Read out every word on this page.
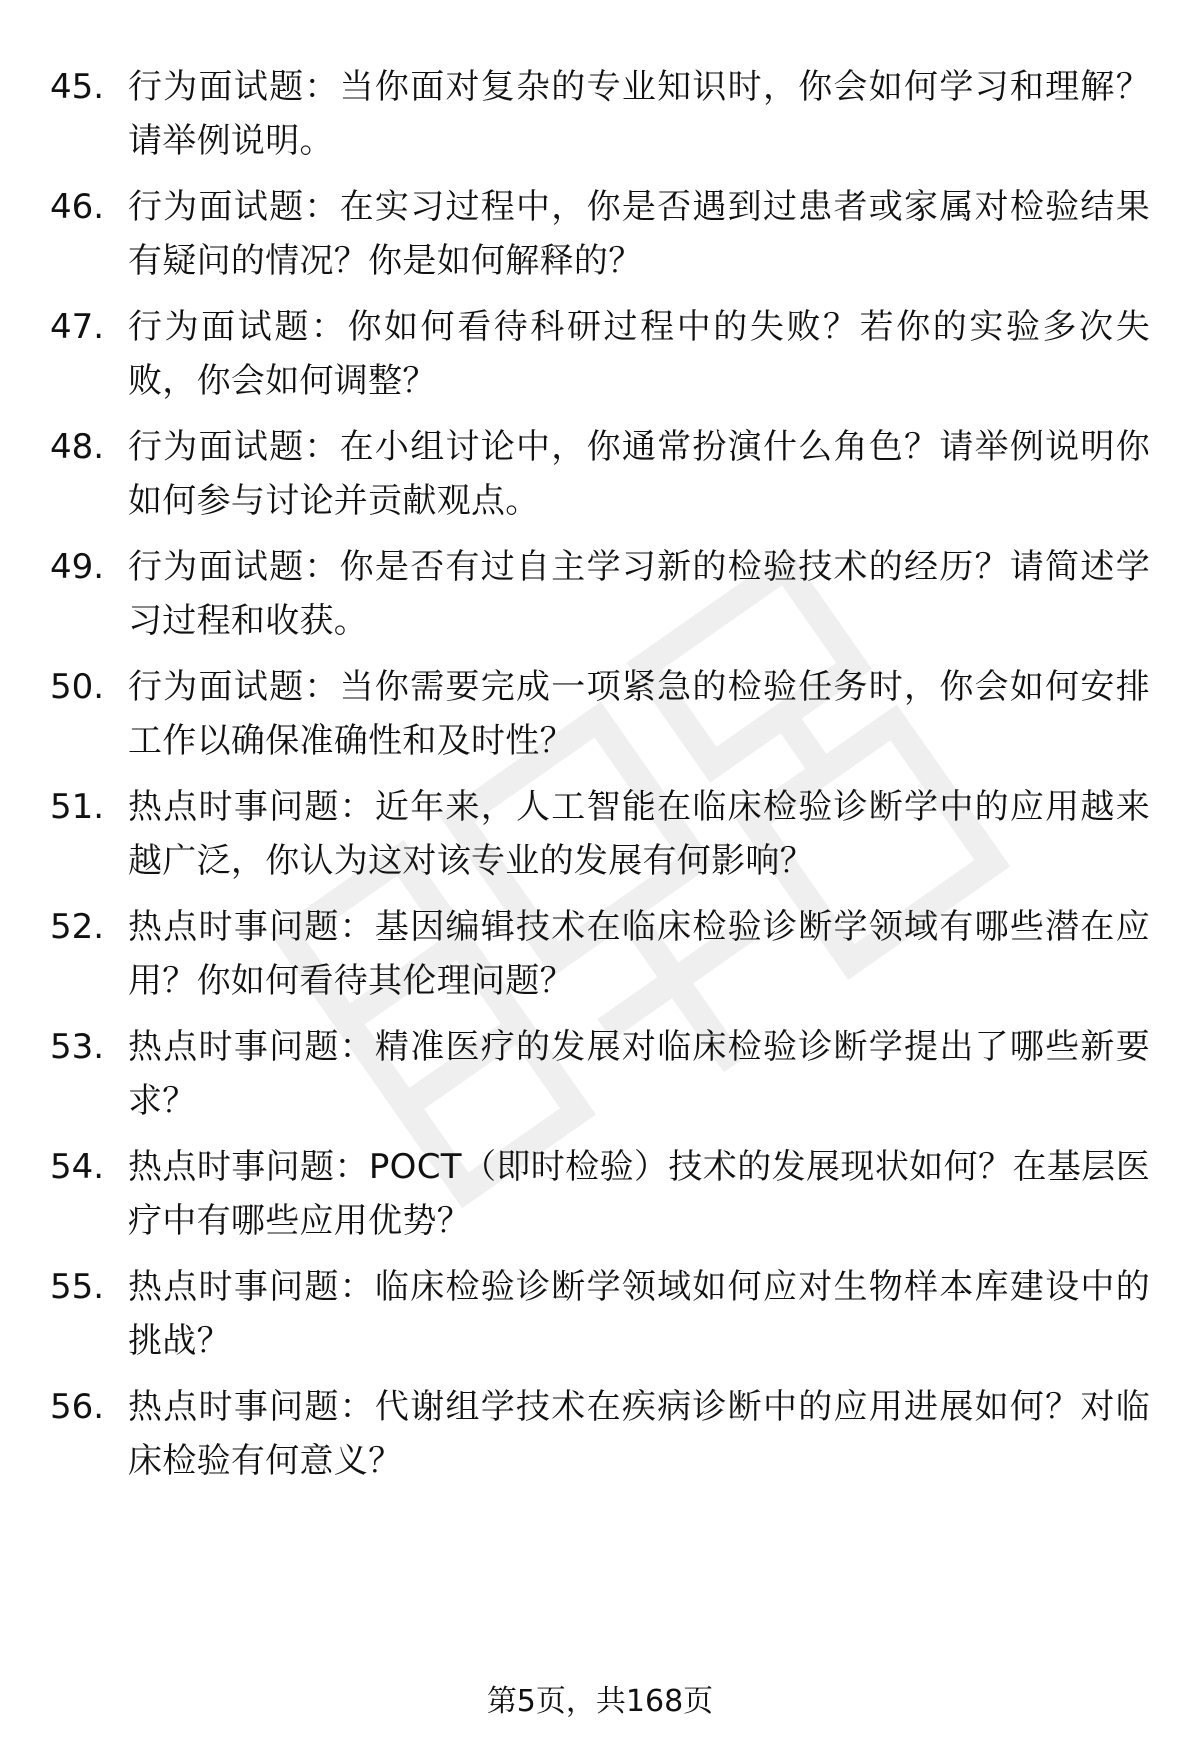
45. 行为面试题：当你面对复杂的专业知识时，你会如何学习和理解？请举例说明。
46. 行为面试题：在实习过程中，你是否遇到过患者或家属对检验结果有疑问的情况？你是如何解释的？
47. 行为面试题：你如何看待科研过程中的失败？若你的实验多次失败，你会如何调整？
48. 行为面试题：在小组讨论中，你通常扮演什么角色？请举例说明你如何参与讨论并贡献观点。
49. 行为面试题：你是否有过自主学习新的检验技术的经历？请简述学习过程和收获。
50. 行为面试题：当你需要完成一项紧急的检验任务时，你会如何安排工作以确保准确性和及时性？
51. 热点时事问题：近年来，人工智能在临床检验诊断学中的应用越来越广泛，你认为这对该专业的发展有何影响？
52. 热点时事问题：基因编辑技术在临床检验诊断学领域有哪些潜在应用？你如何看待其伦理问题？
53. 热点时事问题：精准医疗的发展对临床检验诊断学提出了哪些新要求？
54. 热点时事问题：POCT（即时检验）技术的发展现状如何？在基层医疗中有哪些应用优势？
55. 热点时事问题：临床检验诊断学领域如何应对生物样本库建设中的挑战？
56. 热点时事问题：代谢组学技术在疾病诊断中的应用进展如何？对临床检验有何意义？
第5页，共168页
